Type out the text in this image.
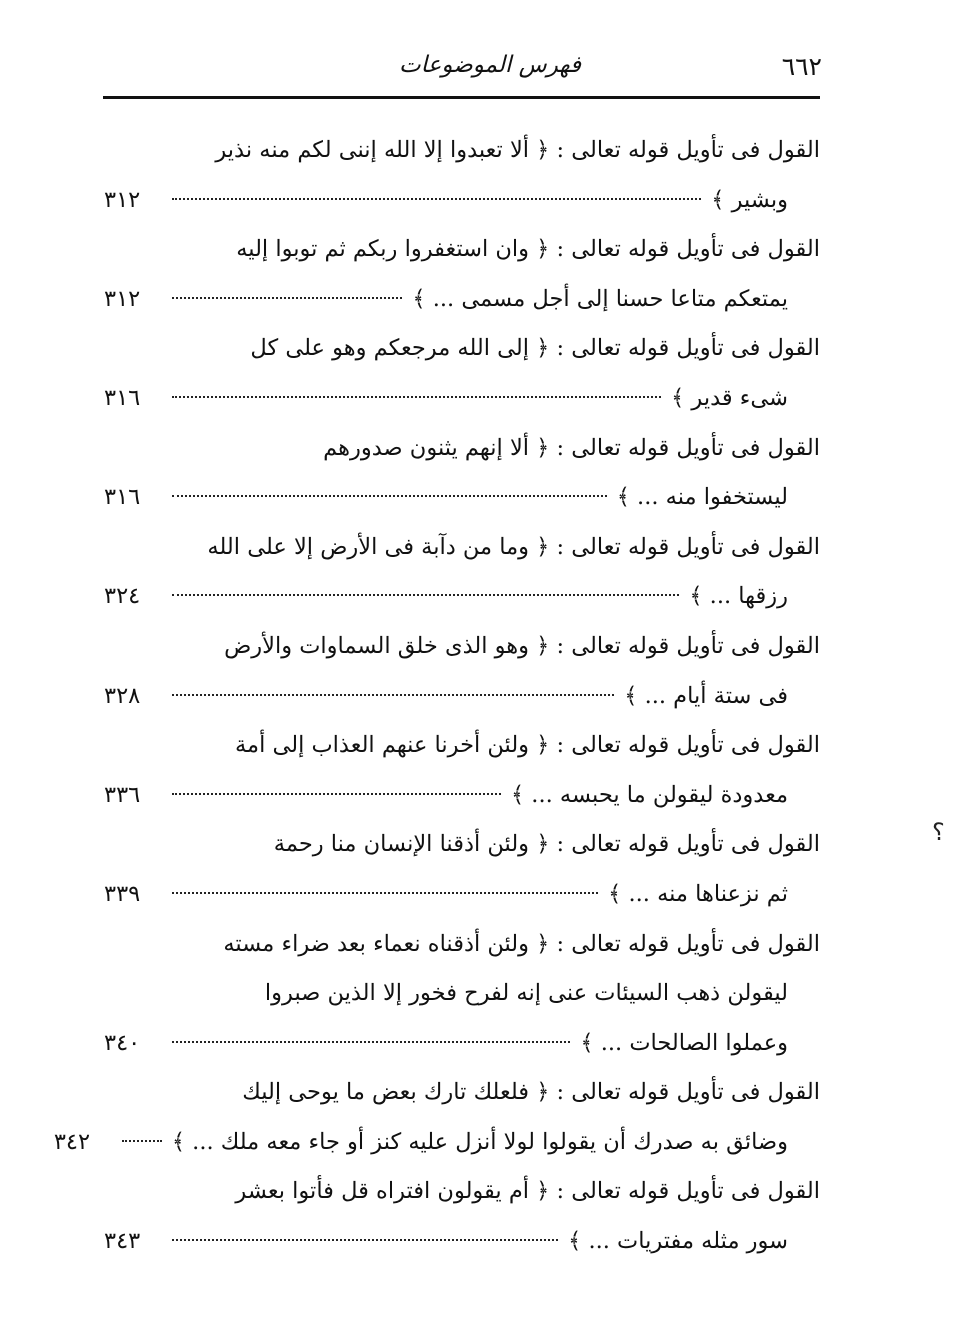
٦٦٢
فهرس الموضوعات
القول فى تأويل قوله تعالى : ﴿ ألا تعبدوا إلا الله إننى لكم منه نذير
وبشير ﴾
٣١٢
القول فى تأويل قوله تعالى : ﴿ وان استغفروا ربكم ثم توبوا إليه
يمتعكم متاعا حسنا إلى أجل مسمى ... ﴾
٣١٢
القول فى تأويل قوله تعالى : ﴿ إلى الله مرجعكم وهو على كل
شىء قدير ﴾
٣١٦
القول فى تأويل قوله تعالى : ﴿ ألا إنهم يثنون صدورهم
ليستخفوا منه ... ﴾
٣١٦
القول فى تأويل قوله تعالى : ﴿ وما من دآبة فى الأرض إلا على الله
رزقها ... ﴾
٣٢٤
القول فى تأويل قوله تعالى : ﴿ وهو الذى خلق السماوات والأرض
فى ستة أيام ... ﴾
٣٢٨
القول فى تأويل قوله تعالى : ﴿ ولئن أخرنا عنهم العذاب إلى أمة
معدودة ليقولن ما يحبسه ... ﴾
٣٣٦
القول فى تأويل قوله تعالى : ﴿ ولئن أذقنا الإنسان منا رحمة
ثم نزعناها منه ... ﴾
٣٣٩
القول فى تأويل قوله تعالى : ﴿ ولئن أذقناه نعماء بعد ضراء مسته
ليقولن ذهب السيئات عنى إنه لفرح فخور إلا الذين صبروا
وعملوا الصالحات ... ﴾
٣٤٠
القول فى تأويل قوله تعالى : ﴿ فلعلك تارك بعض ما يوحى إليك
وضائق به صدرك أن يقولوا لولا أنزل عليه كنز أو جاء معه ملك ... ﴾
٣٤٢
القول فى تأويل قوله تعالى : ﴿ أم يقولون افتراه قل فأتوا بعشر
سور مثله مفتريات ... ﴾
٣٤٣
؟
